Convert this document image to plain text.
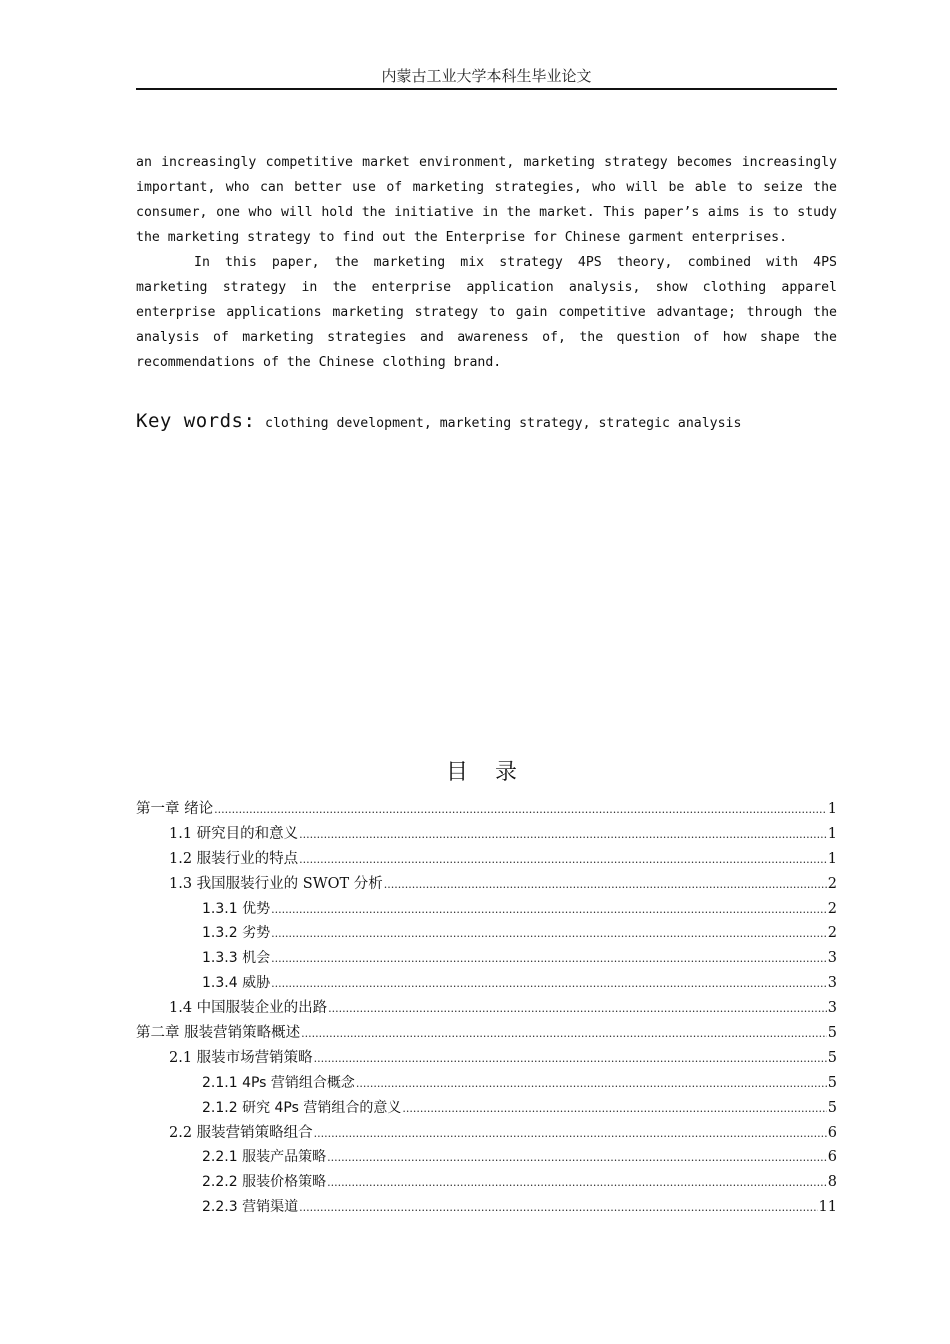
内蒙古工业大学本科生毕业论文

an increasingly competitive market environment, marketing strategy becomes increasingly important, who can better use of marketing strategies, who will be able to seize the consumer, one who will hold the initiative in the market. This paper’s aims is to study the marketing strategy to find out the Enterprise for Chinese garment enterprises.

In this paper, the marketing mix strategy 4PS theory, combined with 4PS marketing strategy in the enterprise application analysis, show clothing apparel enterprise applications marketing strategy to gain competitive advantage; through the analysis of marketing strategies and awareness of, the question of how shape the recommendations of the Chinese clothing brand.

Key words: clothing development, marketing strategy, strategic analysis
目 录
第一章 绪论 .....	1
1.1 研究目的和意义 .....	1
1.2 服装行业的特点 .....	1
1.3 我国服装行业的 SWOT 分析 .....	2
1.3.1 优势 .....	2
1.3.2 劣势 .....	2
1.3.3 机会 .....	3
1.3.4 威胁 .....	3
1.4 中国服装企业的出路 .....	3
第二章 服装营销策略概述 .....	5
2.1 服装市场营销策略 .....	5
2.1.1 4Ps 营销组合概念 .....	5
2.1.2 研究 4Ps 营销组合的意义 .....	5
2.2 服装营销策略组合 .....	6
2.2.1 服装产品策略 .....	6
2.2.2 服装价格策略 .....	8
2.2.3 营销渠道 .....	11
